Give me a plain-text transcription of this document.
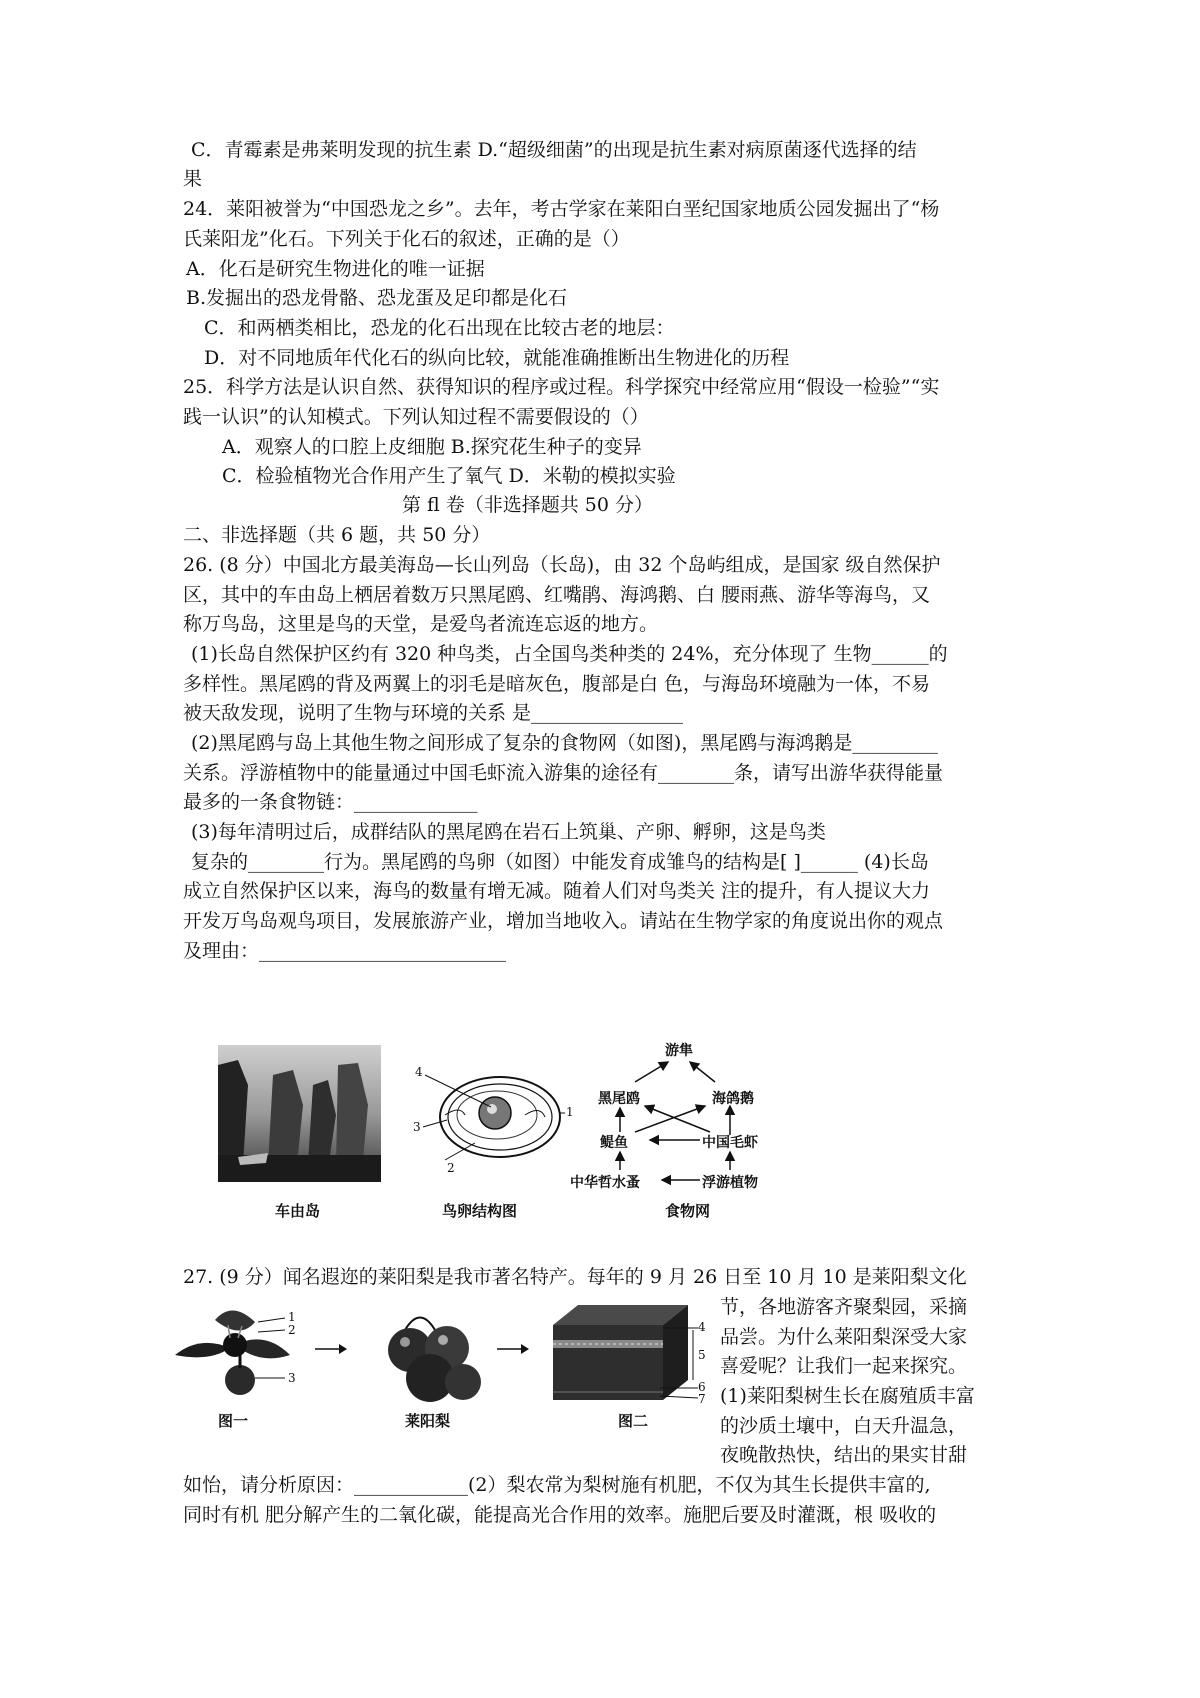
C．青霉素是弗莱明发现的抗生素 D.“超级细菌”的出现是抗生素对病原菌逐代选择的结
果
24．莱阳被誉为“中国恐龙之乡”。去年，考古学家在莱阳白垩纪国家地质公园发掘出了“杨
氏莱阳龙”化石。下列关于化石的叙述，正确的是（）
A．化石是研究生物进化的唯一证据
B.发掘出的恐龙骨骼、恐龙蛋及足印都是化石
C．和两栖类相比，恐龙的化石出现在比较古老的地层：
D．对不同地质年代化石的纵向比较，就能准确推断出生物进化的历程
25．科学方法是认识自然、获得知识的程序或过程。科学探究中经常应用“假设一检验”“实
践一认识”的认知模式。下列认知过程不需要假设的（）
A．观察人的口腔上皮细胞 B.探究花生种子的变异
C．检验植物光合作用产生了氧气 D．米勒的模拟实验
第 fl 卷（非选择题共 50 分）
二、非选择题（共 6 题，共 50 分）
26. (8 分）中国北方最美海岛—长山列岛（长岛)，由 32 个岛屿组成，是国家 级自然保护
区，其中的车由岛上栖居着数万只黑尾鸥、红嘴鹃、海鸿鹅、白 腰雨燕、游华等海鸟，又
称万鸟岛，这里是鸟的天堂，是爱鸟者流连忘返的地方。
(1)长岛自然保护区约有 320 种鸟类，占全国鸟类种类的 24%，充分体现了 生物______的
多样性。黑尾鸥的背及两翼上的羽毛是暗灰色，腹部是白 色，与海岛环境融为一体，不易
被天敌发现，说明了生物与环境的关系 是________________
(2)黑尾鸥与岛上其他生物之间形成了复杂的食物网（如图)，黑尾鸥与海鸿鹅是_________
关系。浮游植物中的能量通过中国毛虾流入游集的途径有________条，请写出游华获得能量
最多的一条食物链：_____________
(3)每年清明过后，成群结队的黑尾鸥在岩石上筑巢、产卵、孵卵，这是鸟类
复杂的________行为。黑尾鸥的鸟卵（如图）中能发育成雏鸟的结构是[ ]______ (4)长岛
成立自然保护区以来，海鸟的数量有增无减。随着人们对鸟类关 注的提升，有人提议大力
开发万鸟岛观鸟项目，发展旅游产业，增加当地收入。请站在生物学家的角度说出你的观点
及理由：__________________________
车由岛
4
3
1
2
鸟卵结构图
游隼
黑尾鸥	海鸽鹅
鳀鱼	中国毛虾
中华哲水蚤	浮游植物
食物网
27. (9 分）闻名遐迩的莱阳梨是我市著名特产。每年的 9 月 26 日至 10 月 10 是莱阳梨文化
节，各地游客齐聚梨园，采摘
品尝。为什么莱阳梨深受大家
喜爱呢？让我们一起来探究。
(1)莱阳梨树生长在腐殖质丰富
的沙质土壤中，白天升温急，
夜晚散热快，结出的果实甘甜
如怡，请分析原因：____________(2）梨农常为梨树施有机肥，不仅为其生长提供丰富的,
同时有机 肥分解产生的二氧化碳，能提高光合作用的效率。施肥后要及时灌溉，根 吸收的
1
2
3
图一	莱阳梨
4
5
6
7
图二
